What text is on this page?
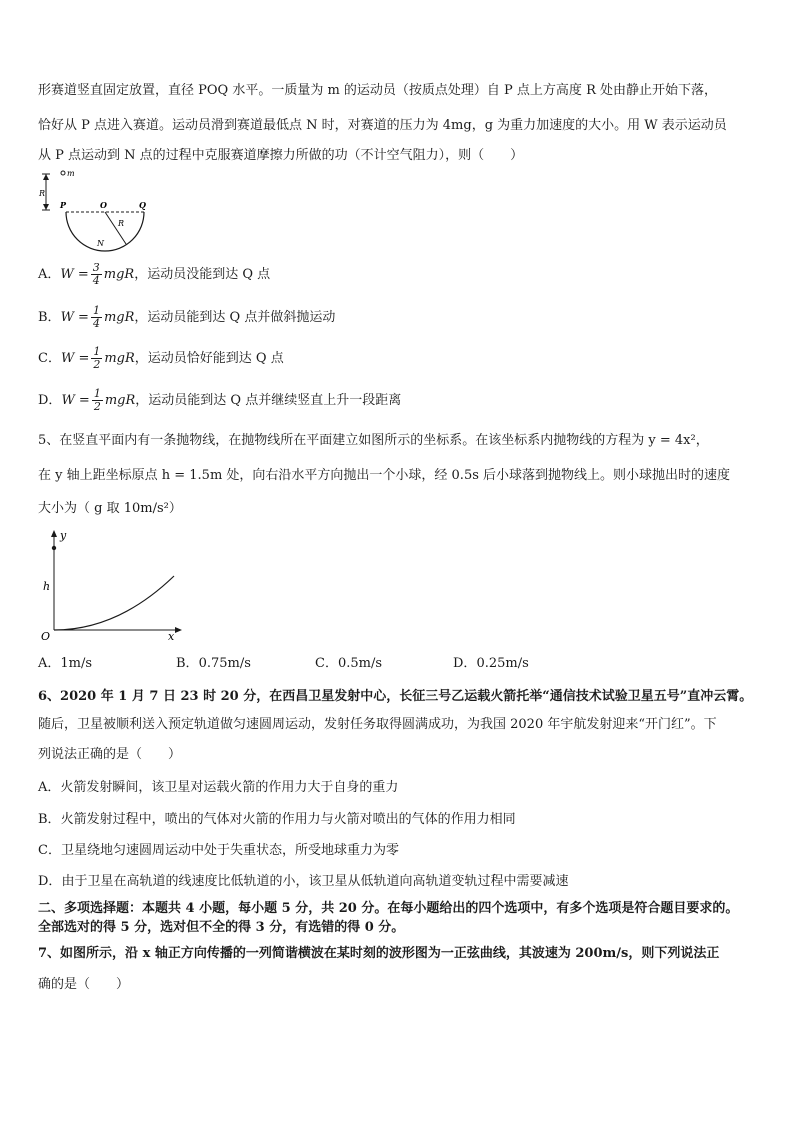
形赛道竖直固定放置，直径 POQ 水平。一质量为 m 的运动员（按质点处理）自 P 点上方高度 R 处由静止开始下落，
恰好从 P 点进入赛道。运动员滑到赛道最低点 N 时，对赛道的压力为 4mg，g 为重力加速度的大小。用 W 表示运动员
从 P 点运动到 N 点的过程中克服赛道摩擦力所做的功（不计空气阻力），则（　　）
R
m
P	O	Q
R
N
A．$W = \frac{3}{4}$ mgR，运动员没能到达 Q 点
B．$W = \frac{1}{4}$ mgR，运动员能到达 Q 点并做斜抛运动
C．$W = \frac{1}{2}$ mgR，运动员恰好能到达 Q 点
D．$W = \frac{1}{2}$ mgR，运动员能到达 Q 点并继续竖直上升一段距离
5、在竖直平面内有一条抛物线，在抛物线所在平面建立如图所示的坐标系。在该坐标系内抛物线的方程为 y = 4x²，
在 y 轴上距坐标原点 h = 1.5m 处，向右沿水平方向抛出一个小球，经 0.5s 后小球落到抛物线上。则小球抛出时的速度
大小为（ g 取 10m/s²）
y
h
O	x
A．1m/s	B．0.75m/s	C．0.5m/s	D．0.25m/s
6、2020 年 1 月 7 日 23 时 20 分，在西昌卫星发射中心，长征三号乙运载火箭托举“通信技术试验卫星五号”直冲云霄。
随后，卫星被顺利送入预定轨道做匀速圆周运动，发射任务取得圆满成功，为我国 2020 年宇航发射迎来“开门红”。下
列说法正确的是（　　）
A．火箭发射瞬间，该卫星对运载火箭的作用力大于自身的重力
B．火箭发射过程中，喷出的气体对火箭的作用力与火箭对喷出的气体的作用力相同
C．卫星绕地匀速圆周运动中处于失重状态，所受地球重力为零
D．由于卫星在高轨道的线速度比低轨道的小，该卫星从低轨道向高轨道变轨过程中需要减速
二、多项选择题：本题共 4 小题，每小题 5 分，共 20 分。在每小题给出的四个选项中，有多个选项是符合题目要求的。
全部选对的得 5 分，选对但不全的得 3 分，有选错的得 0 分。
7、如图所示，沿 x 轴正方向传播的一列简谐横波在某时刻的波形图为一正弦曲线，其波速为 200m/s，则下列说法正
确的是（　　）
